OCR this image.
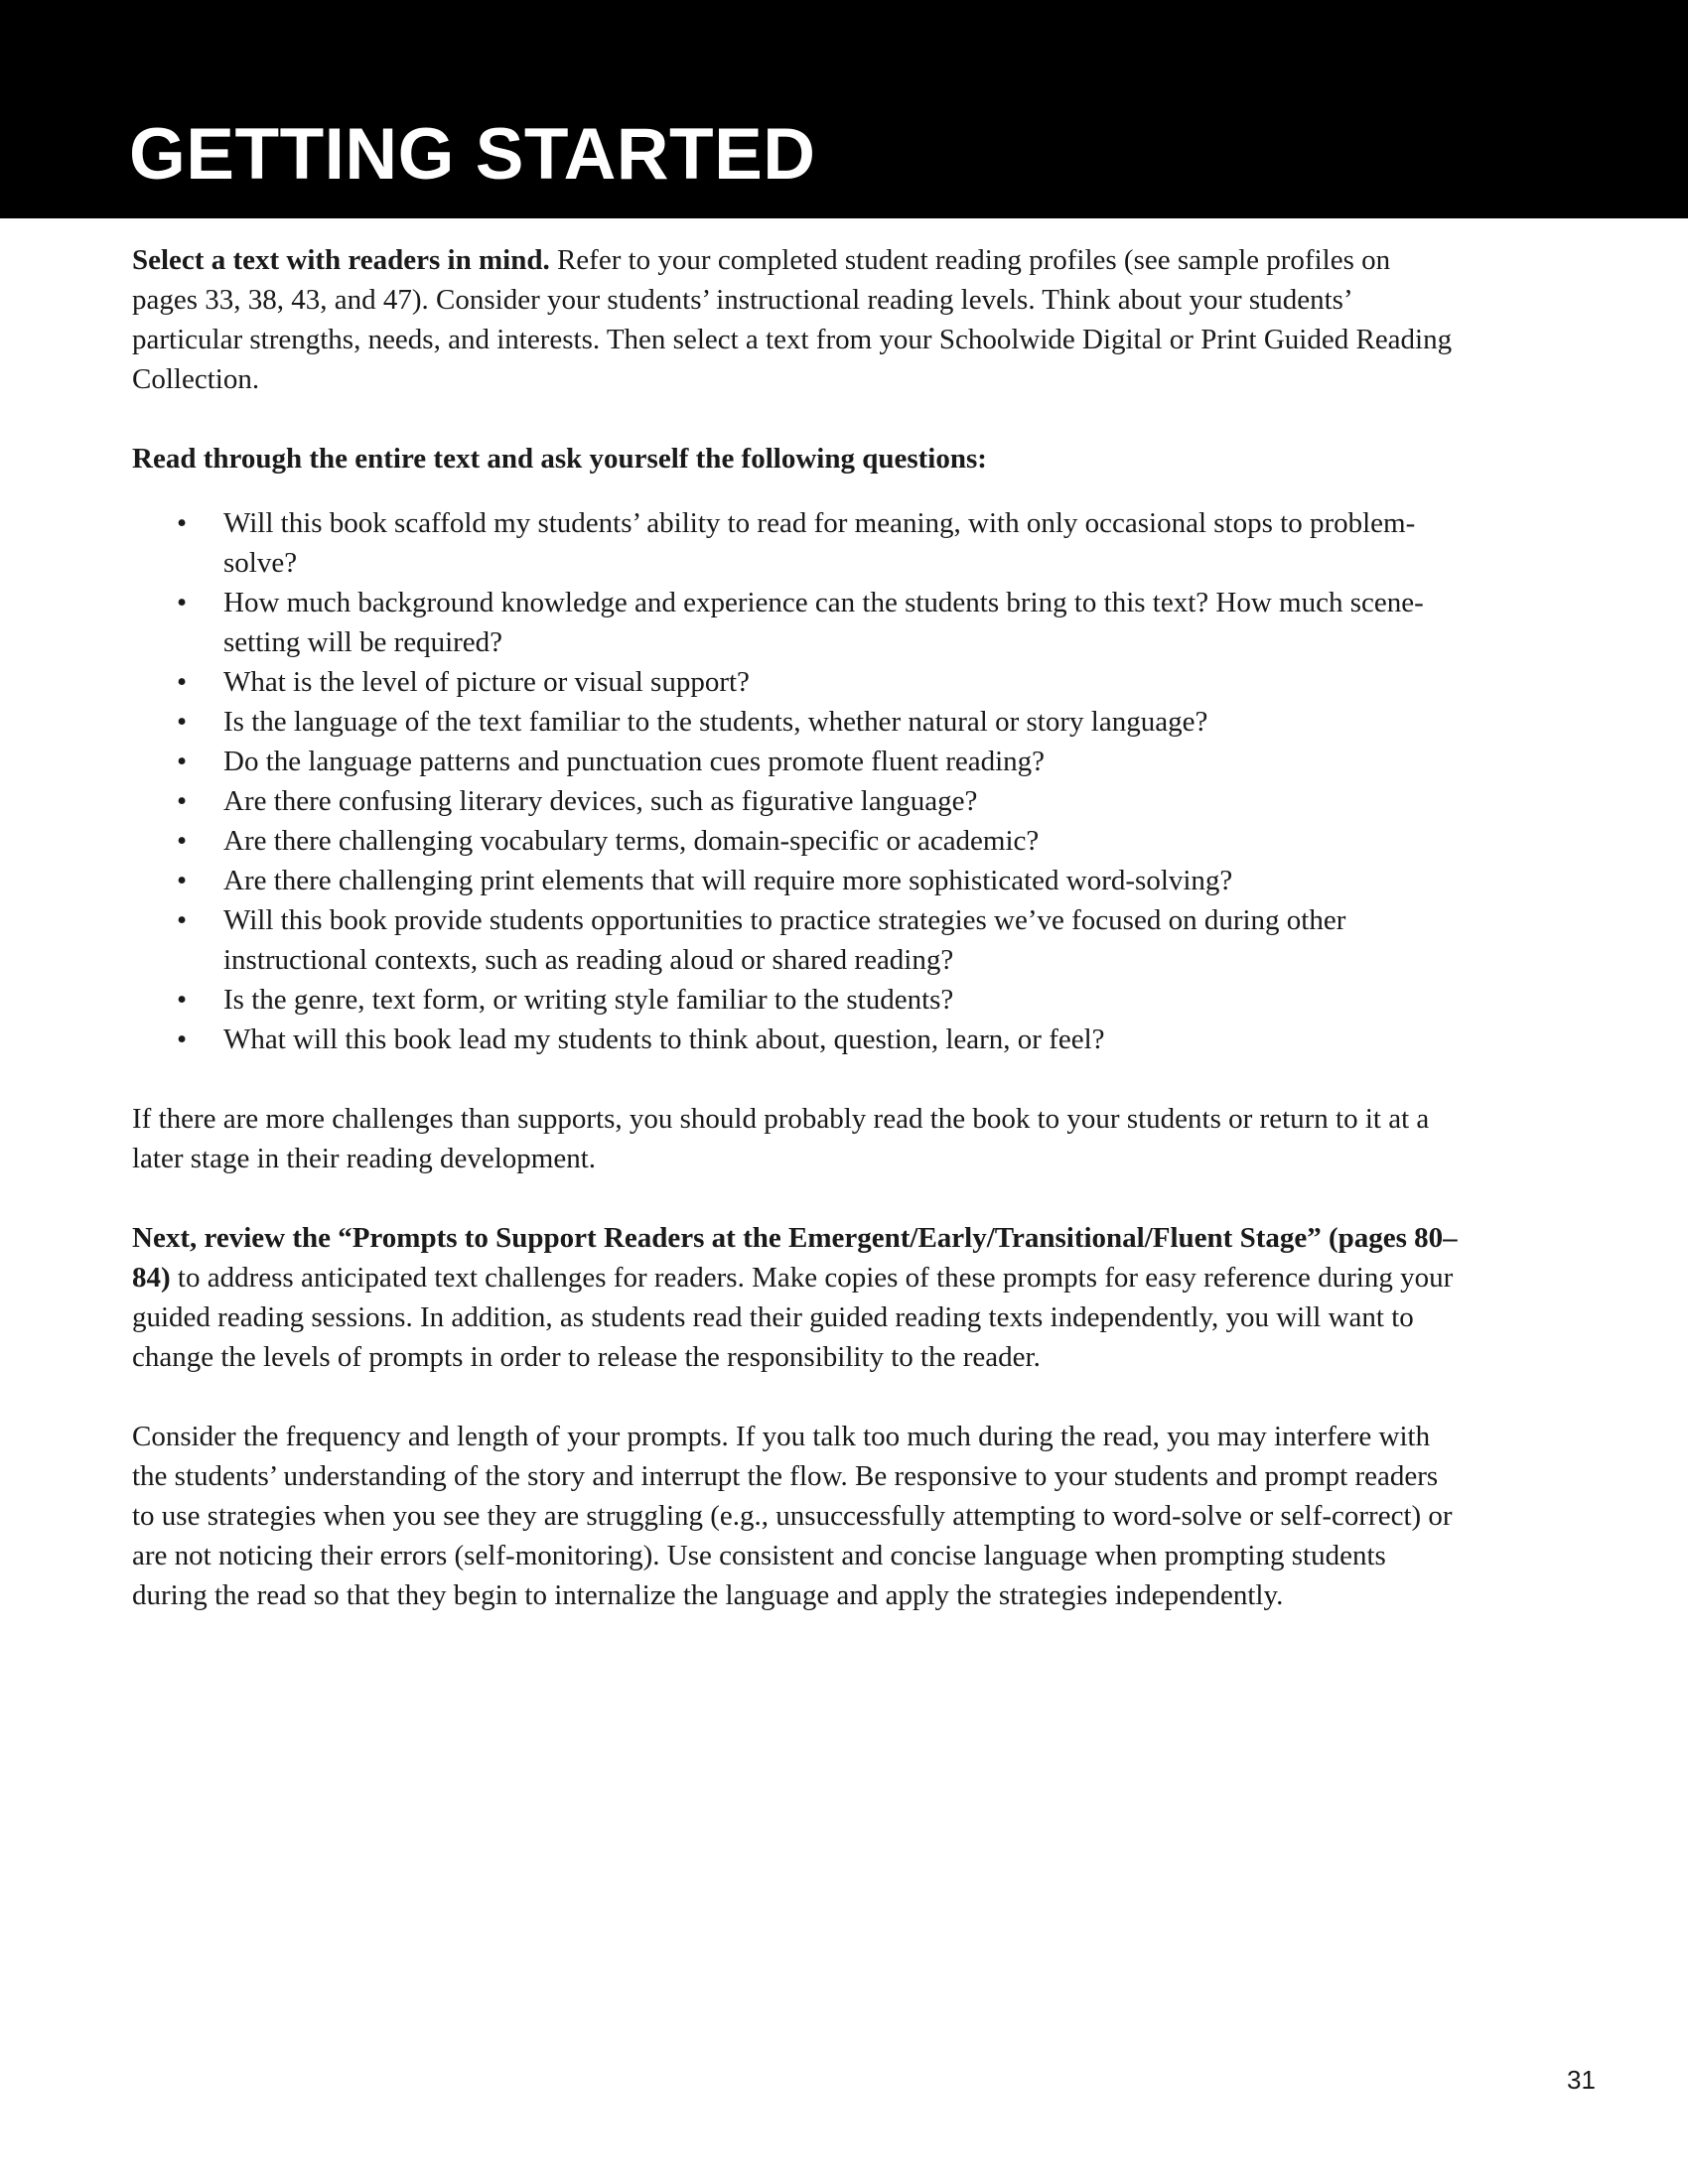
GETTING STARTED

Select a text with readers in mind. Refer to your completed student reading profiles (see sample profiles on pages 33, 38, 43, and 47). Consider your students’ instructional reading levels. Think about your students’ particular strengths, needs, and interests. Then select a text from your Schoolwide Digital or Print Guided Reading Collection.

Read through the entire text and ask yourself the following questions:

• Will this book scaffold my students’ ability to read for meaning, with only occasional stops to problem-solve?
• How much background knowledge and experience can the students bring to this text? How much scene-setting will be required?
• What is the level of picture or visual support?
• Is the language of the text familiar to the students, whether natural or story language?
• Do the language patterns and punctuation cues promote fluent reading?
• Are there confusing literary devices, such as figurative language?
• Are there challenging vocabulary terms, domain-specific or academic?
• Are there challenging print elements that will require more sophisticated word-solving?
• Will this book provide students opportunities to practice strategies we’ve focused on during other instructional contexts, such as reading aloud or shared reading?
• Is the genre, text form, or writing style familiar to the students?
• What will this book lead my students to think about, question, learn, or feel?

If there are more challenges than supports, you should probably read the book to your students or return to it at a later stage in their reading development.

Next, review the “Prompts to Support Readers at the Emergent/Early/Transitional/Fluent Stage” (pages 80–84) to address anticipated text challenges for readers. Make copies of these prompts for easy reference during your guided reading sessions. In addition, as students read their guided reading texts independently, you will want to change the levels of prompts in order to release the responsibility to the reader.

Consider the frequency and length of your prompts. If you talk too much during the read, you may interfere with the students’ understanding of the story and interrupt the flow. Be responsive to your students and prompt readers to use strategies when you see they are struggling (e.g., unsuccessfully attempting to word-solve or self-correct) or are not noticing their errors (self-monitoring). Use consistent and concise language when prompting students during the read so that they begin to internalize the language and apply the strategies independently.

31
